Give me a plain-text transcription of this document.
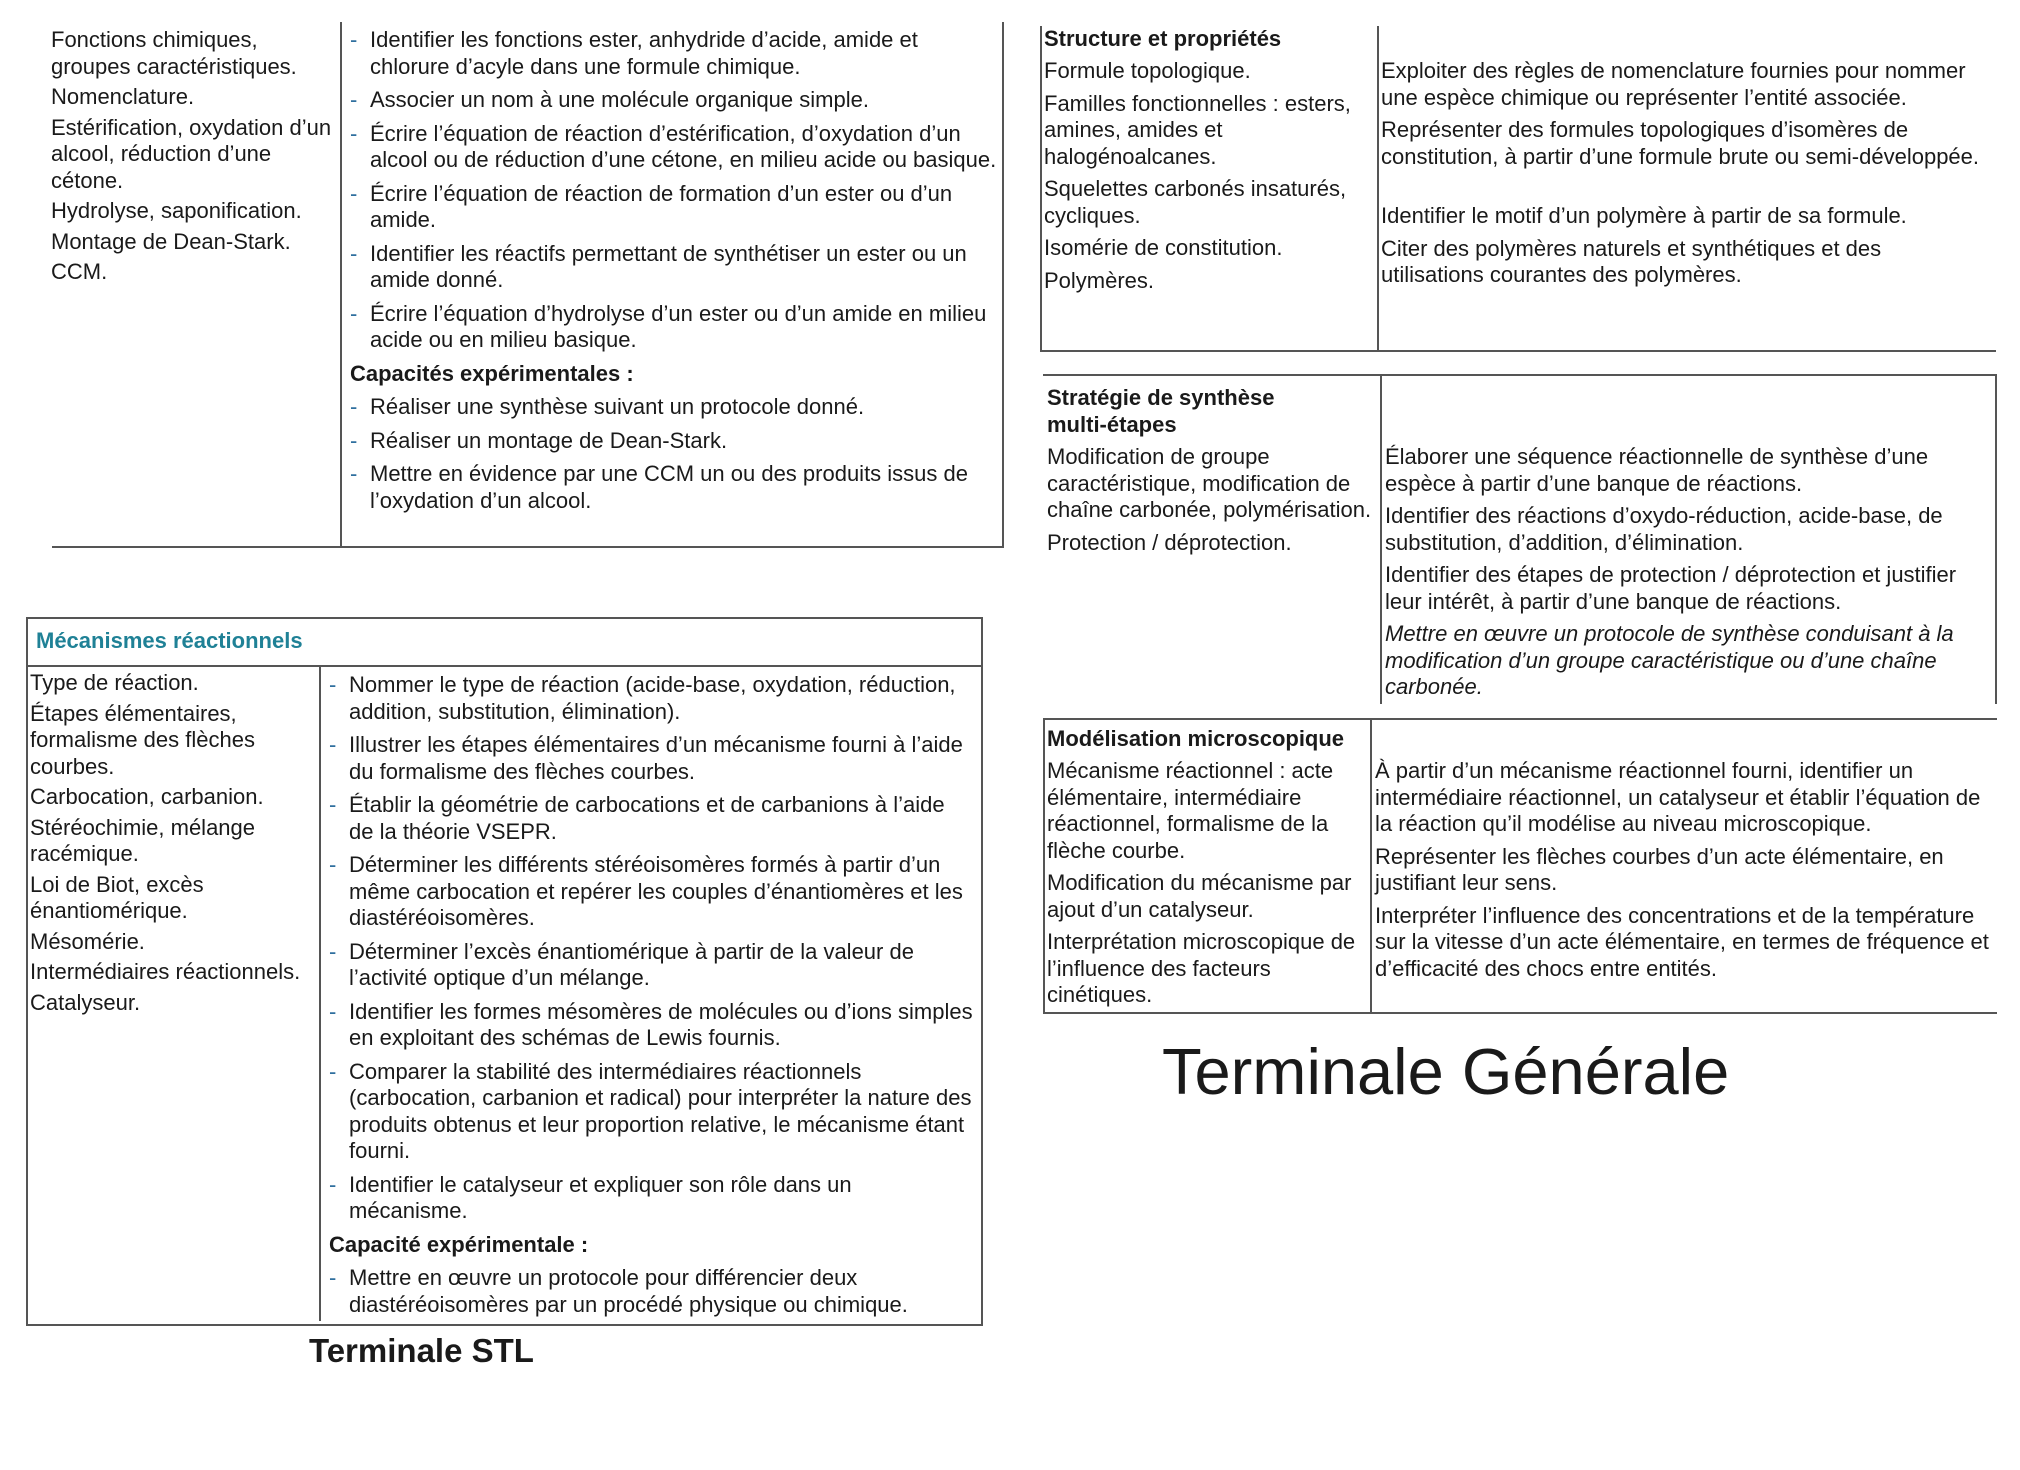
Fonctions chimiques, groupes caractéristiques.
Nomenclature.
Estérification, oxydation d’un alcool, réduction d’une cétone.
Hydrolyse, saponification.
Montage de Dean-Stark.
CCM.
- Identifier les fonctions ester, anhydride d’acide, amide et chlorure d’acyle dans une formule chimique.
- Associer un nom à une molécule organique simple.
- Écrire l’équation de réaction d’estérification, d’oxydation d’un alcool ou de réduction d’une cétone, en milieu acide ou basique.
- Écrire l’équation de réaction de formation d’un ester ou d’un amide.
- Identifier les réactifs permettant de synthétiser un ester ou un amide donné.
- Écrire l’équation d’hydrolyse d’un ester ou d’un amide en milieu acide ou en milieu basique.
Capacités expérimentales :
- Réaliser une synthèse suivant un protocole donné.
- Réaliser un montage de Dean-Stark.
- Mettre en évidence par une CCM un ou des produits issus de l’oxydation d’un alcool.
Mécanismes réactionnels
Type de réaction.
Étapes élémentaires, formalisme des flèches courbes.
Carbocation, carbanion.
Stéréochimie, mélange racémique.
Loi de Biot, excès énantiomérique.
Mésomérie.
Intermédiaires réactionnels.
Catalyseur.
- Nommer le type de réaction (acide-base, oxydation, réduction, addition, substitution, élimination).
- Illustrer les étapes élémentaires d’un mécanisme fourni à l’aide du formalisme des flèches courbes.
- Établir la géométrie de carbocations et de carbanions à l’aide de la théorie VSEPR.
- Déterminer les différents stéréoisomères formés à partir d’un même carbocation et repérer les couples d’énantiomères et les diastéréoisomères.
- Déterminer l’excès énantiomérique à partir de la valeur de l’activité optique d’un mélange.
- Identifier les formes mésomères de molécules ou d’ions simples en exploitant des schémas de Lewis fournis.
- Comparer la stabilité des intermédiaires réactionnels (carbocation, carbanion et radical) pour interpréter la nature des produits obtenus et leur proportion relative, le mécanisme étant fourni.
- Identifier le catalyseur et expliquer son rôle dans un mécanisme.
Capacité expérimentale :
- Mettre en œuvre un protocole pour différencier deux diastéréoisomères par un procédé physique ou chimique.
Terminale STL
Structure et propriétés
Formule topologique.
Familles fonctionnelles : esters, amines, amides et halogénoalcanes.
Squelettes carbonés insaturés, cycliques.
Isomérie de constitution.
Polymères.
Exploiter des règles de nomenclature fournies pour nommer une espèce chimique ou représenter l’entité associée.
Représenter des formules topologiques d’isomères de constitution, à partir d’une formule brute ou semi-développée.
Identifier le motif d’un polymère à partir de sa formule.
Citer des polymères naturels et synthétiques et des utilisations courantes des polymères.
Stratégie de synthèse multi-étapes
Modification de groupe caractéristique, modification de chaîne carbonée, polymérisation.
Protection / déprotection.
Élaborer une séquence réactionnelle de synthèse d’une espèce à partir d’une banque de réactions.
Identifier des réactions d’oxydo-réduction, acide-base, de substitution, d’addition, d’élimination.
Identifier des étapes de protection / déprotection et justifier leur intérêt, à partir d’une banque de réactions.
Mettre en œuvre un protocole de synthèse conduisant à la modification d’un groupe caractéristique ou d’une chaîne carbonée.
Modélisation microscopique
Mécanisme réactionnel : acte élémentaire, intermédiaire réactionnel, formalisme de la flèche courbe.
Modification du mécanisme par ajout d’un catalyseur.
Interprétation microscopique de l’influence des facteurs cinétiques.
À partir d’un mécanisme réactionnel fourni, identifier un intermédiaire réactionnel, un catalyseur et établir l’équation de la réaction qu’il modélise au niveau microscopique.
Représenter les flèches courbes d’un acte élémentaire, en justifiant leur sens.
Interpréter l’influence des concentrations et de la température sur la vitesse d’un acte élémentaire, en termes de fréquence et d’efficacité des chocs entre entités.
Terminale Générale
